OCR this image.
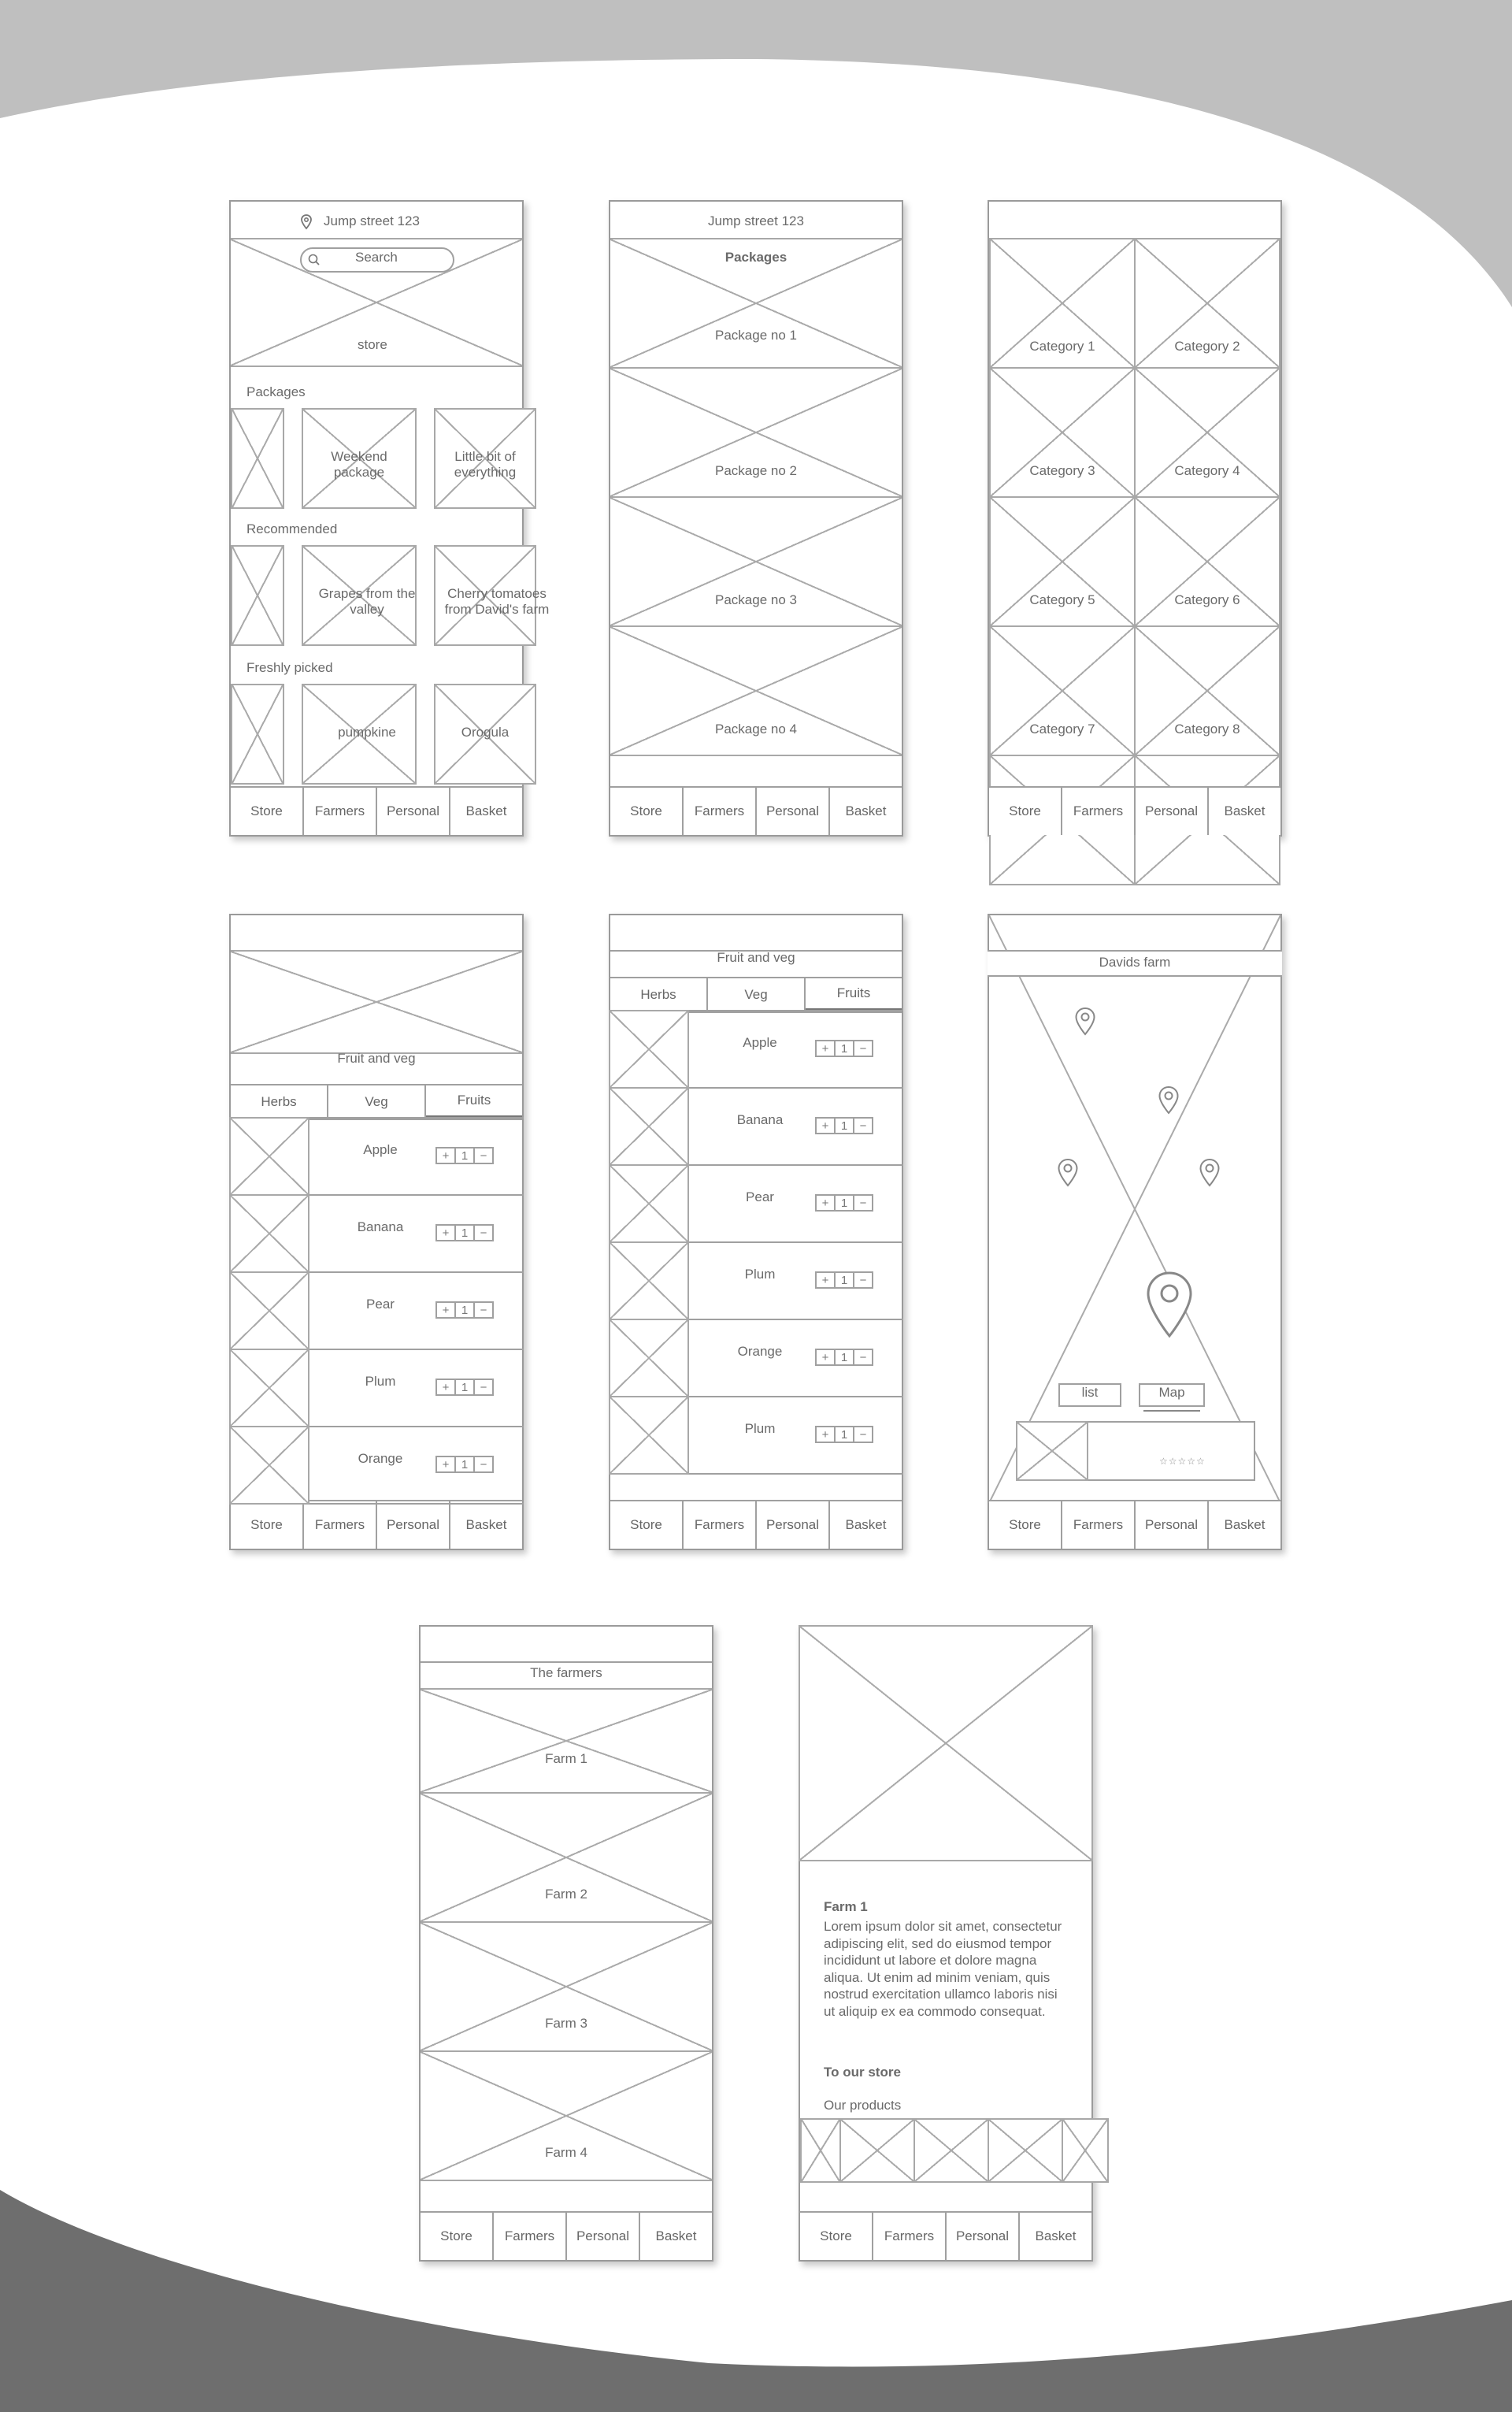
Jump street 123
Search
store
Packages
Weekend package
Little bit of everything
Recommended
Grapes from the valley
Cherry tomatoes from David's farm
Freshly picked
pumpkine	Orogula
Store	Farmers	Personal	Basket
Jump street 123
Packages
Package no 1
Package no 2
Package no 3
Package no 4
Store	Farmers	Personal	Basket
Category 1	Category 2
Category 3	Category 4
Category 5	Category 6
Category 7	Category 8
Store	Farmers	Personal	Basket
Fruit and veg
Herbs	Veg	Fruits
Store	Farmers	Personal	Basket
Apple	+	1	−
Banana	+	1	−
Pear	+	1	−
Plum	+	1	−
Orange	+	1	−
Fruit and veg
Herbs	Veg	Fruits
Store	Farmers	Personal	Basket
Apple	+	1	−
Banana	+	1	−
Pear	+	1	−
Plum	+	1	−
Orange	+	1	−
Plum	+	1	−
Davids farm
list	Map
☆☆☆☆☆
Store	Farmers	Personal	Basket
The farmers
Farm 1
Farm 2
Farm 3
Farm 4
Store	Farmers	Personal	Basket
Farm 1
Lorem ipsum dolor sit amet, consectetur adipiscing elit, sed do eiusmod tempor incididunt ut labore et dolore magna aliqua. Ut enim ad minim veniam, quis nostrud exercitation ullamco laboris nisi ut aliquip ex ea commodo consequat.
To our store
Our products
Store	Farmers	Personal	Basket
